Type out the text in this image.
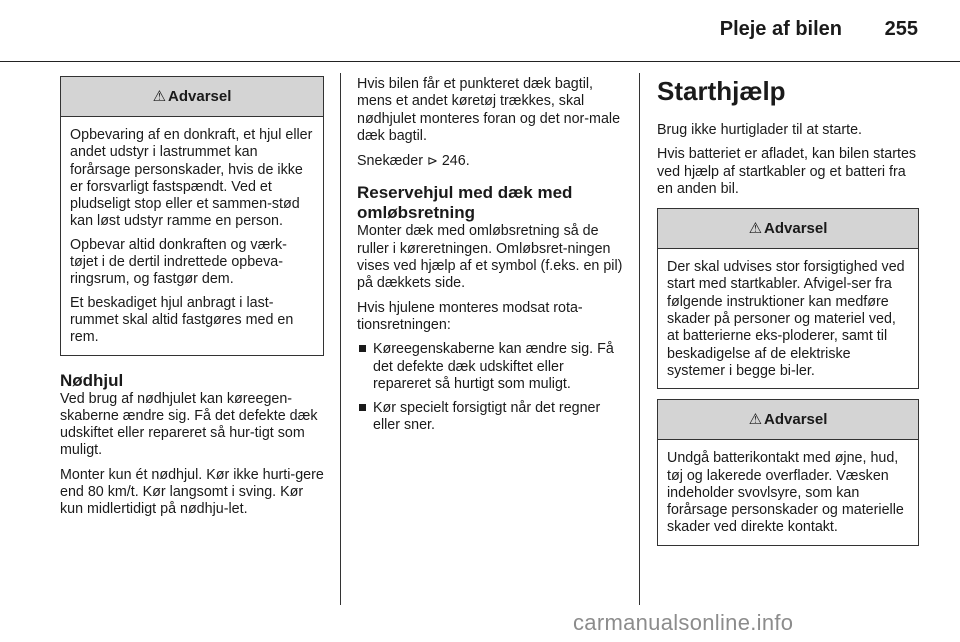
Pleje af bilen 255
⚠ Advarsel

Opbevaring af en donkraft, et hjul eller andet udstyr i lastrummet kan forårsage personskader, hvis de ikke er forsvarligt fastspændt. Ved et pludseligt stop eller et sammen-stød kan løst udstyr ramme en person.

Opbevar altid donkraften og værk-tøjet i de dertil indrettede opbeva-ringsrum, og fastgør dem.

Et beskadiget hjul anbragt i last-rummet skal altid fastgøres med en rem.

Nødhjul

Ved brug af nødhjulet kan køreegen-skaberne ændre sig. Få det defekte dæk udskiftet eller repareret så hur-tigt som muligt.

Monter kun ét nødhjul. Kør ikke hurti-gere end 80 km/t. Kør langsomt i sving. Kør kun midlertidigt på nødhju-let.

Hvis bilen får et punkteret dæk bagtil, mens et andet køretøj trækkes, skal nødhjulet monteres foran og det nor-male dæk bagtil.

Snekæder ⊳ 246.

Reservehjul med dæk med omløbsretning

Monter dæk med omløbsretning så de ruller i køreretningen. Omløbsret-ningen vises ved hjælp af et symbol (f.eks. en pil) på dækkets side.

Hvis hjulene monteres modsat rota-tionsretningen:

Køreegenskaberne kan ændre sig. Få det defekte dæk udskiftet eller repareret så hurtigt som muligt.
Kør specielt forsigtigt når det regner eller sner.
Starthjælp

Brug ikke hurtiglader til at starte.

Hvis batteriet er afladet, kan bilen startes ved hjælp af startkabler og et batteri fra en anden bil.

⚠ Advarsel

Der skal udvises stor forsigtighed ved start med startkabler. Afvigel-ser fra følgende instruktioner kan medføre skader på personer og materiel ved, at batterierne eks-ploderer, samt til beskadigelse af de elektriske systemer i begge bi-ler.

⚠ Advarsel

Undgå batterikontakt med øjne, hud, tøj og lakerede overflader. Væsken indeholder svovlsyre, som kan forårsage personskader og materielle skader ved direkte kontakt.

carmanualsonline.info
